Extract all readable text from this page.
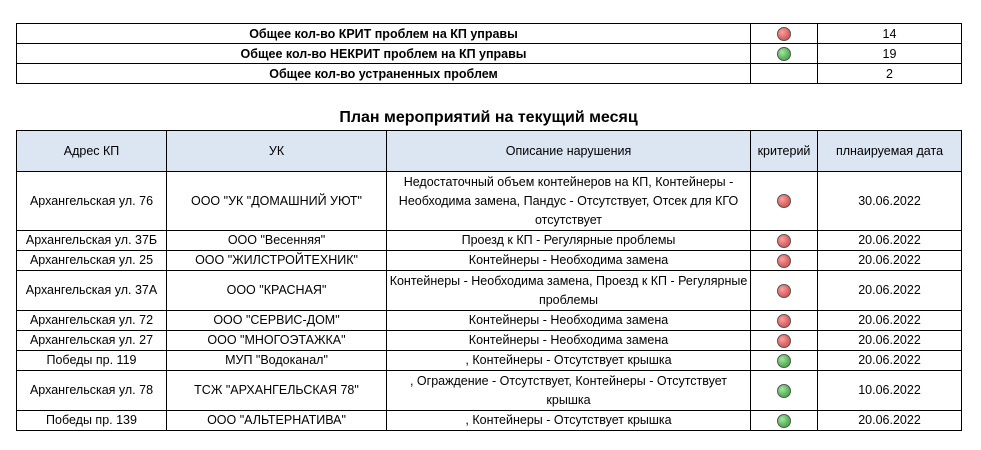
Общее кол-во КРИТ проблем на КП управы		14
Общее кол-во НЕКРИТ проблем на КП управы		19
Общее кол-во устраненных проблем		2
План мероприятий на текущий месяц
Адрес КП	УК	Описание нарушения	критерий	плнаируемая дата
Архангельская ул. 76	ООО "УК "ДОМАШНИЙ УЮТ"	Недостаточный объем контейнеров на КП, Контейнеры - Необходима замена, Пандус - Отсутствует, Отсек для КГО отсутствует		30.06.2022
Архангельская ул. 37Б	ООО "Весенняя"	Проезд к КП - Регулярные проблемы		20.06.2022
Архангельская ул. 25	ООО "ЖИЛСТРОЙТЕХНИК"	Контейнеры - Необходима замена		20.06.2022
Архангельская ул. 37А	ООО "КРАСНАЯ"	Контейнеры - Необходима замена, Проезд к КП - Регулярные проблемы		20.06.2022
Архангельская ул. 72	ООО "СЕРВИС-ДОМ"	Контейнеры - Необходима замена		20.06.2022
Архангельская ул. 27	ООО "МНОГОЭТАЖКА"	Контейнеры - Необходима замена		20.06.2022
Победы пр. 119	МУП "Водоканал"	, Контейнеры - Отсутствует крышка		20.06.2022
Архангельская ул. 78	ТСЖ "АРХАНГЕЛЬСКАЯ 78"	, Ограждение - Отсутствует, Контейнеры - Отсутствует крышка		10.06.2022
Победы пр. 139	ООО "АЛЬТЕРНАТИВА"	, Контейнеры - Отсутствует крышка		20.06.2022
